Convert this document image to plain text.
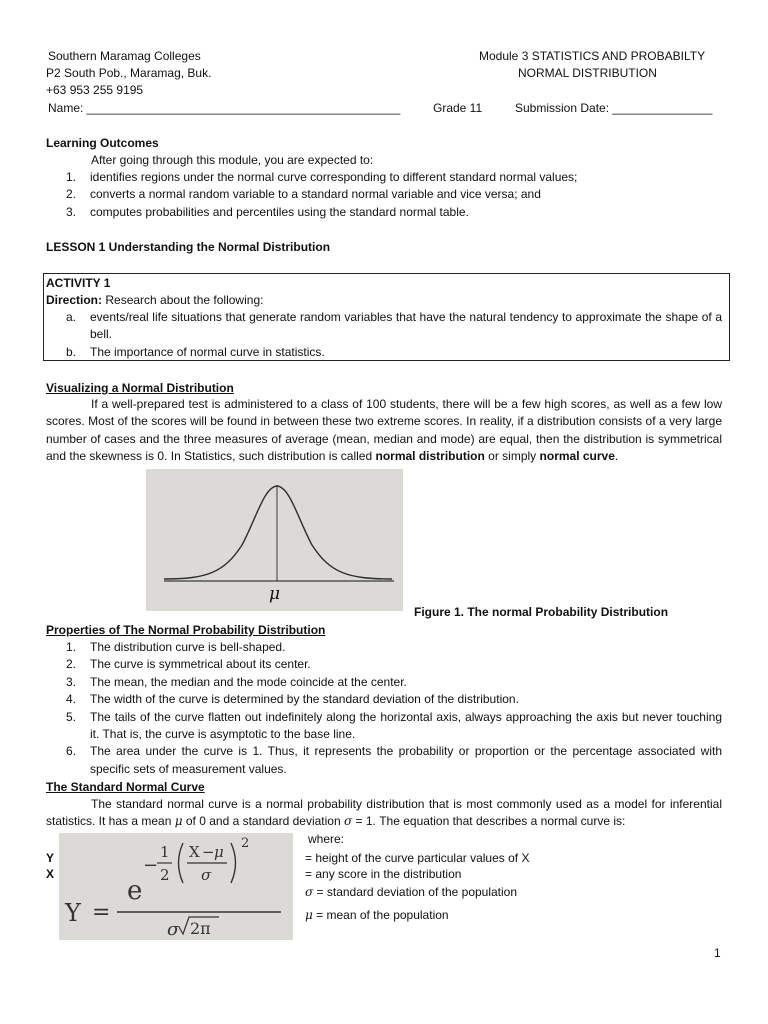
Southern Maramag Colleges
P2 South Pob., Maramag, Buk.
+63 953 255 9195
Name: _______________________________________________	Grade 11	Submission Date: _______________
Module 3 STATISTICS AND PROBABILTY
NORMAL DISTRIBUTION
Learning Outcomes
After going through this module, you are expected to:
1. identifies regions under the normal curve corresponding to different standard normal values;
2. converts a normal random variable to a standard normal variable and vice versa; and
3. computes probabilities and percentiles using the standard normal table.
LESSON 1 Understanding the Normal Distribution
ACTIVITY 1
Direction: Research about the following:
a. events/real life situations that generate random variables that have the natural tendency to approximate the shape of a bell.
b. The importance of normal curve in statistics.
Visualizing a Normal Distribution
If a well-prepared test is administered to a class of 100 students, there will be a few high scores, as well as a few low scores. Most of the scores will be found in between these two extreme scores. In reality, if a distribution consists of a very large number of cases and the three measures of average (mean, median and mode) are equal, then the distribution is symmetrical and the skewness is 0. In Statistics, such distribution is called normal distribution or simply normal curve.
μ
Figure 1. The normal Probability Distribution
Properties of The Normal Probability Distribution
1. The distribution curve is bell-shaped.
2. The curve is symmetrical about its center.
3. The mean, the median and the mode coincide at the center.
4. The width of the curve is determined by the standard deviation of the distribution.
5. The tails of the curve flatten out indefinitely along the horizontal axis, always approaching the axis but never touching it. That is, the curve is asymptotic to the base line.
6. The area under the curve is 1. Thus, it represents the probability or proportion or the percentage associated with specific sets of measurement values.
The Standard Normal Curve
The standard normal curve is a normal probability distribution that is most commonly used as a model for inferential statistics. It has a mean μ of 0 and a standard deviation σ = 1. The equation that describes a normal curve is:
where:
Y
X
= height of the curve particular values of X
= any score in the distribution
σ = standard deviation of the population
μ = mean of the population
Y =
e
−
1
2
X − μ
σ
2
σ 2π
1
